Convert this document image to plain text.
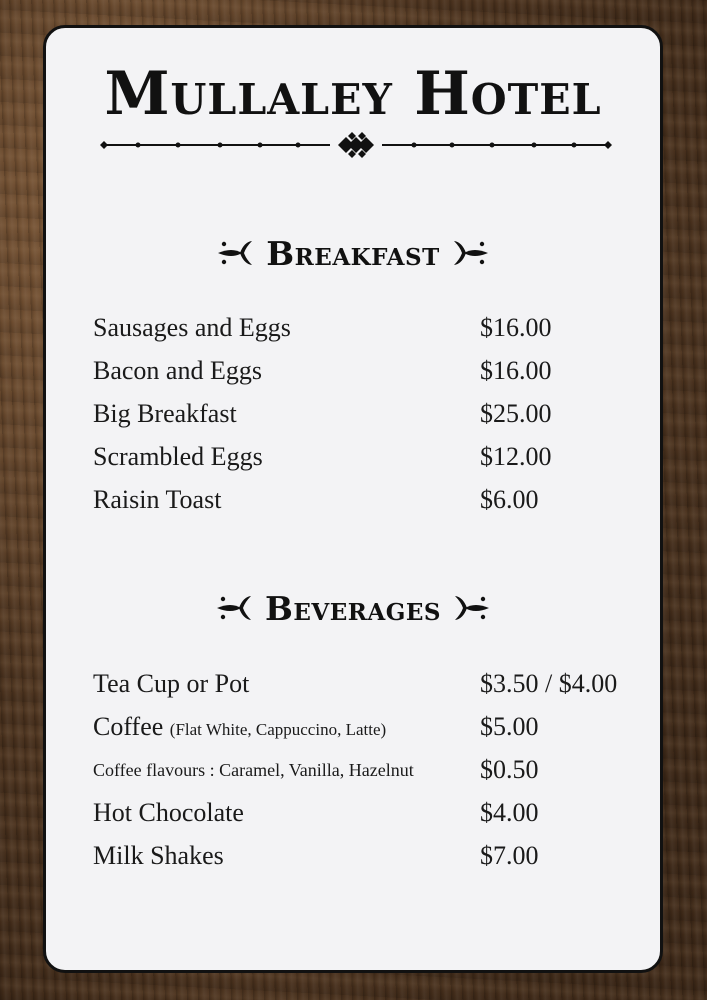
Mullaley Hotel
Breakfast
Sausages and Eggs	$16.00
Bacon and Eggs	$16.00
Big Breakfast	$25.00
Scrambled Eggs	$12.00
Raisin Toast	$6.00
Beverages
Tea Cup or Pot	$3.50 / $4.00
Coffee (Flat White, Cappuccino, Latte)	$5.00
Coffee flavours : Caramel, Vanilla, Hazelnut	$0.50
Hot Chocolate	$4.00
Milk Shakes	$7.00
